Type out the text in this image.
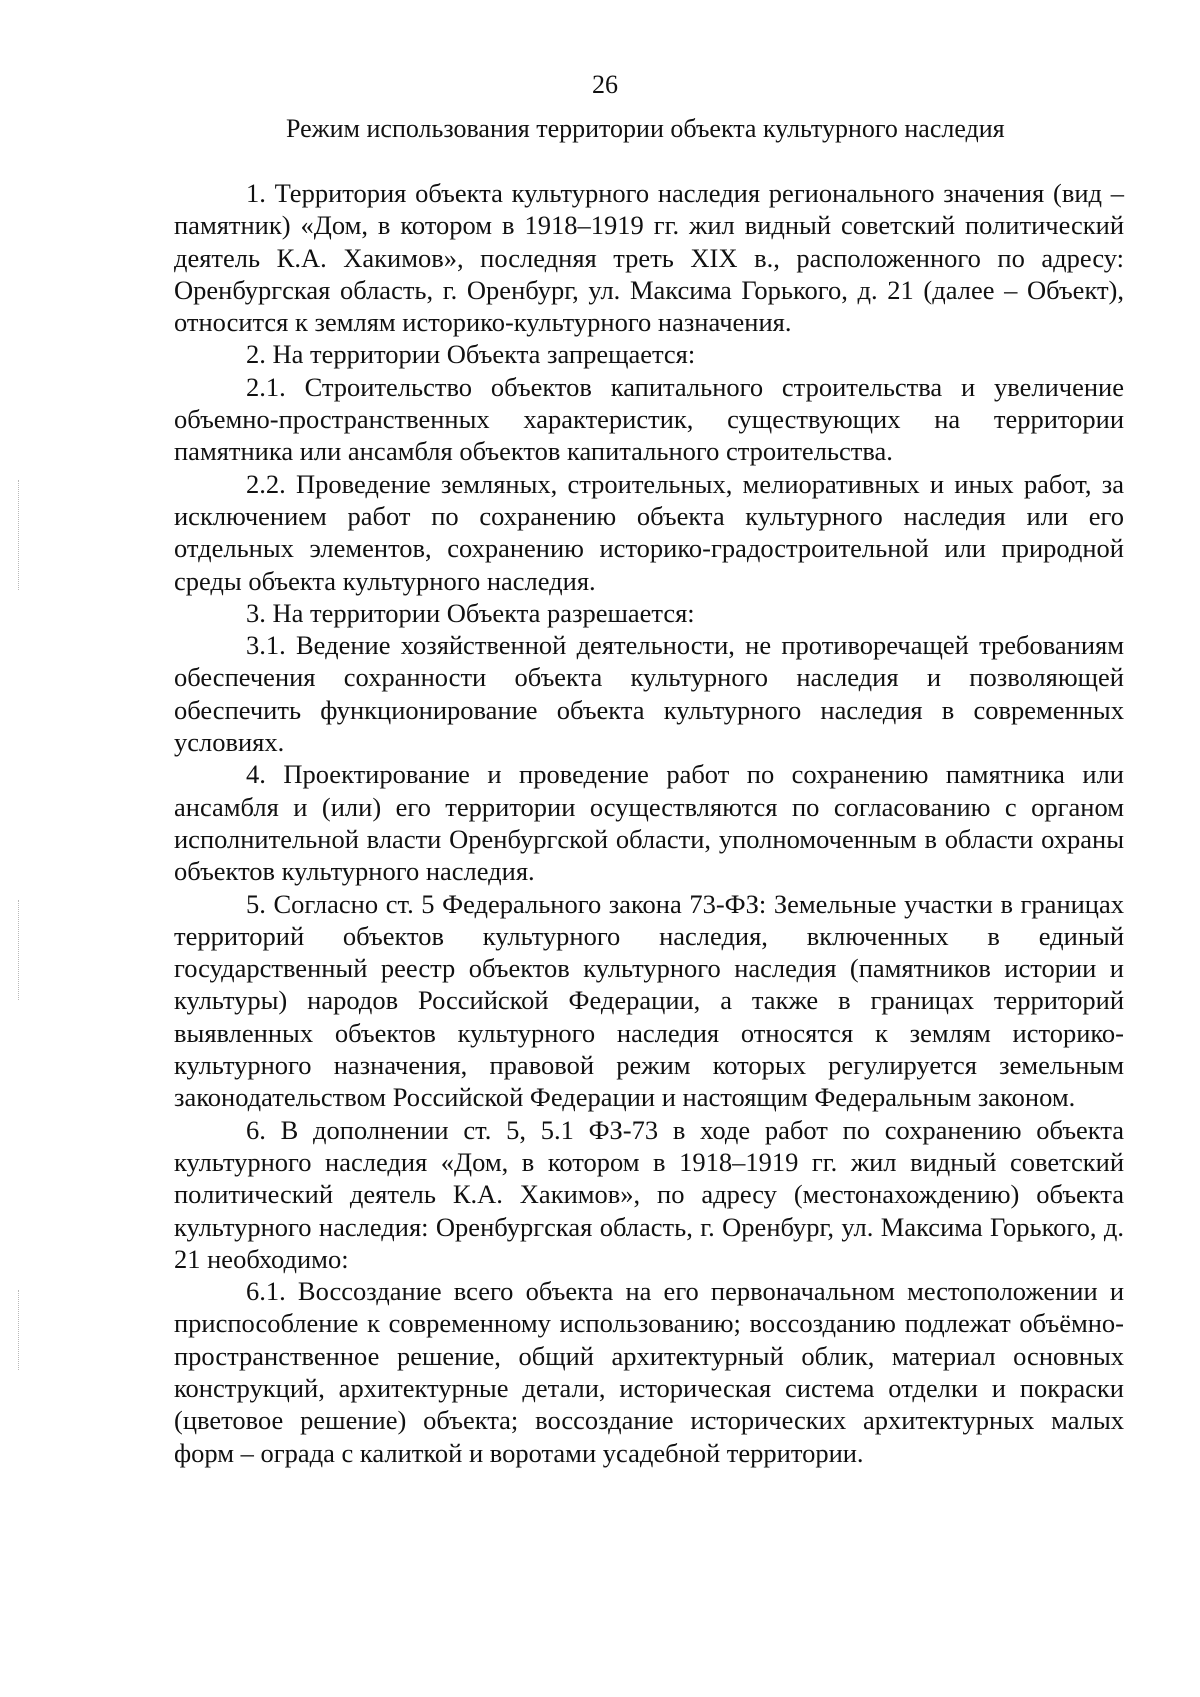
26
Режим использования территории объекта культурного наследия

1. Территория объекта культурного наследия регионального значения (вид – памятник) «Дом, в котором в 1918–1919 гг. жил видный советский политический деятель К.А. Хакимов», последняя треть XIX в., расположенного по адресу: Оренбургская область, г. Оренбург, ул. Максима Горького, д. 21 (далее – Объект), относится к землям историко-культурного назначения.

2. На территории Объекта запрещается:

2.1. Строительство объектов капитального строительства и увеличение объемно-пространственных характеристик, существующих на территории памятника или ансамбля объектов капитального строительства.

2.2. Проведение земляных, строительных, мелиоративных и иных работ, за исключением работ по сохранению объекта культурного наследия или его отдельных элементов, сохранению историко-градостроительной или природной среды объекта культурного наследия.

3. На территории Объекта разрешается:

3.1. Ведение хозяйственной деятельности, не противоречащей требованиям обеспечения сохранности объекта культурного наследия и позволяющей обеспечить функционирование объекта культурного наследия в современных условиях.

4. Проектирование и проведение работ по сохранению памятника или ансамбля и (или) его территории осуществляются по согласованию с органом исполнительной власти Оренбургской области, уполномоченным в области охраны объектов культурного наследия.

5. Согласно ст. 5 Федерального закона 73-ФЗ: Земельные участки в границах территорий объектов культурного наследия, включенных в единый государственный реестр объектов культурного наследия (памятников истории и культуры) народов Российской Федерации, а также в границах территорий выявленных объектов культурного наследия относятся к землям историко-культурного назначения, правовой режим которых регулируется земельным законодательством Российской Федерации и настоящим Федеральным законом.

6. В дополнении ст. 5, 5.1 ФЗ-73 в ходе работ по сохранению объекта культурного наследия «Дом, в котором в 1918–1919 гг. жил видный советский политический деятель К.А. Хакимов», по адресу (местонахождению) объекта культурного наследия: Оренбургская область, г. Оренбург, ул. Максима Горького, д. 21 необходимо:

6.1. Воссоздание всего объекта на его первоначальном местоположении и приспособление к современному использованию; воссозданию подлежат объёмно-пространственное решение, общий архитектурный облик, материал основных конструкций, архитектурные детали, историческая система отделки и покраски (цветовое решение) объекта; воссоздание исторических архитектурных малых форм – ограда с калиткой и воротами усадебной территории.
